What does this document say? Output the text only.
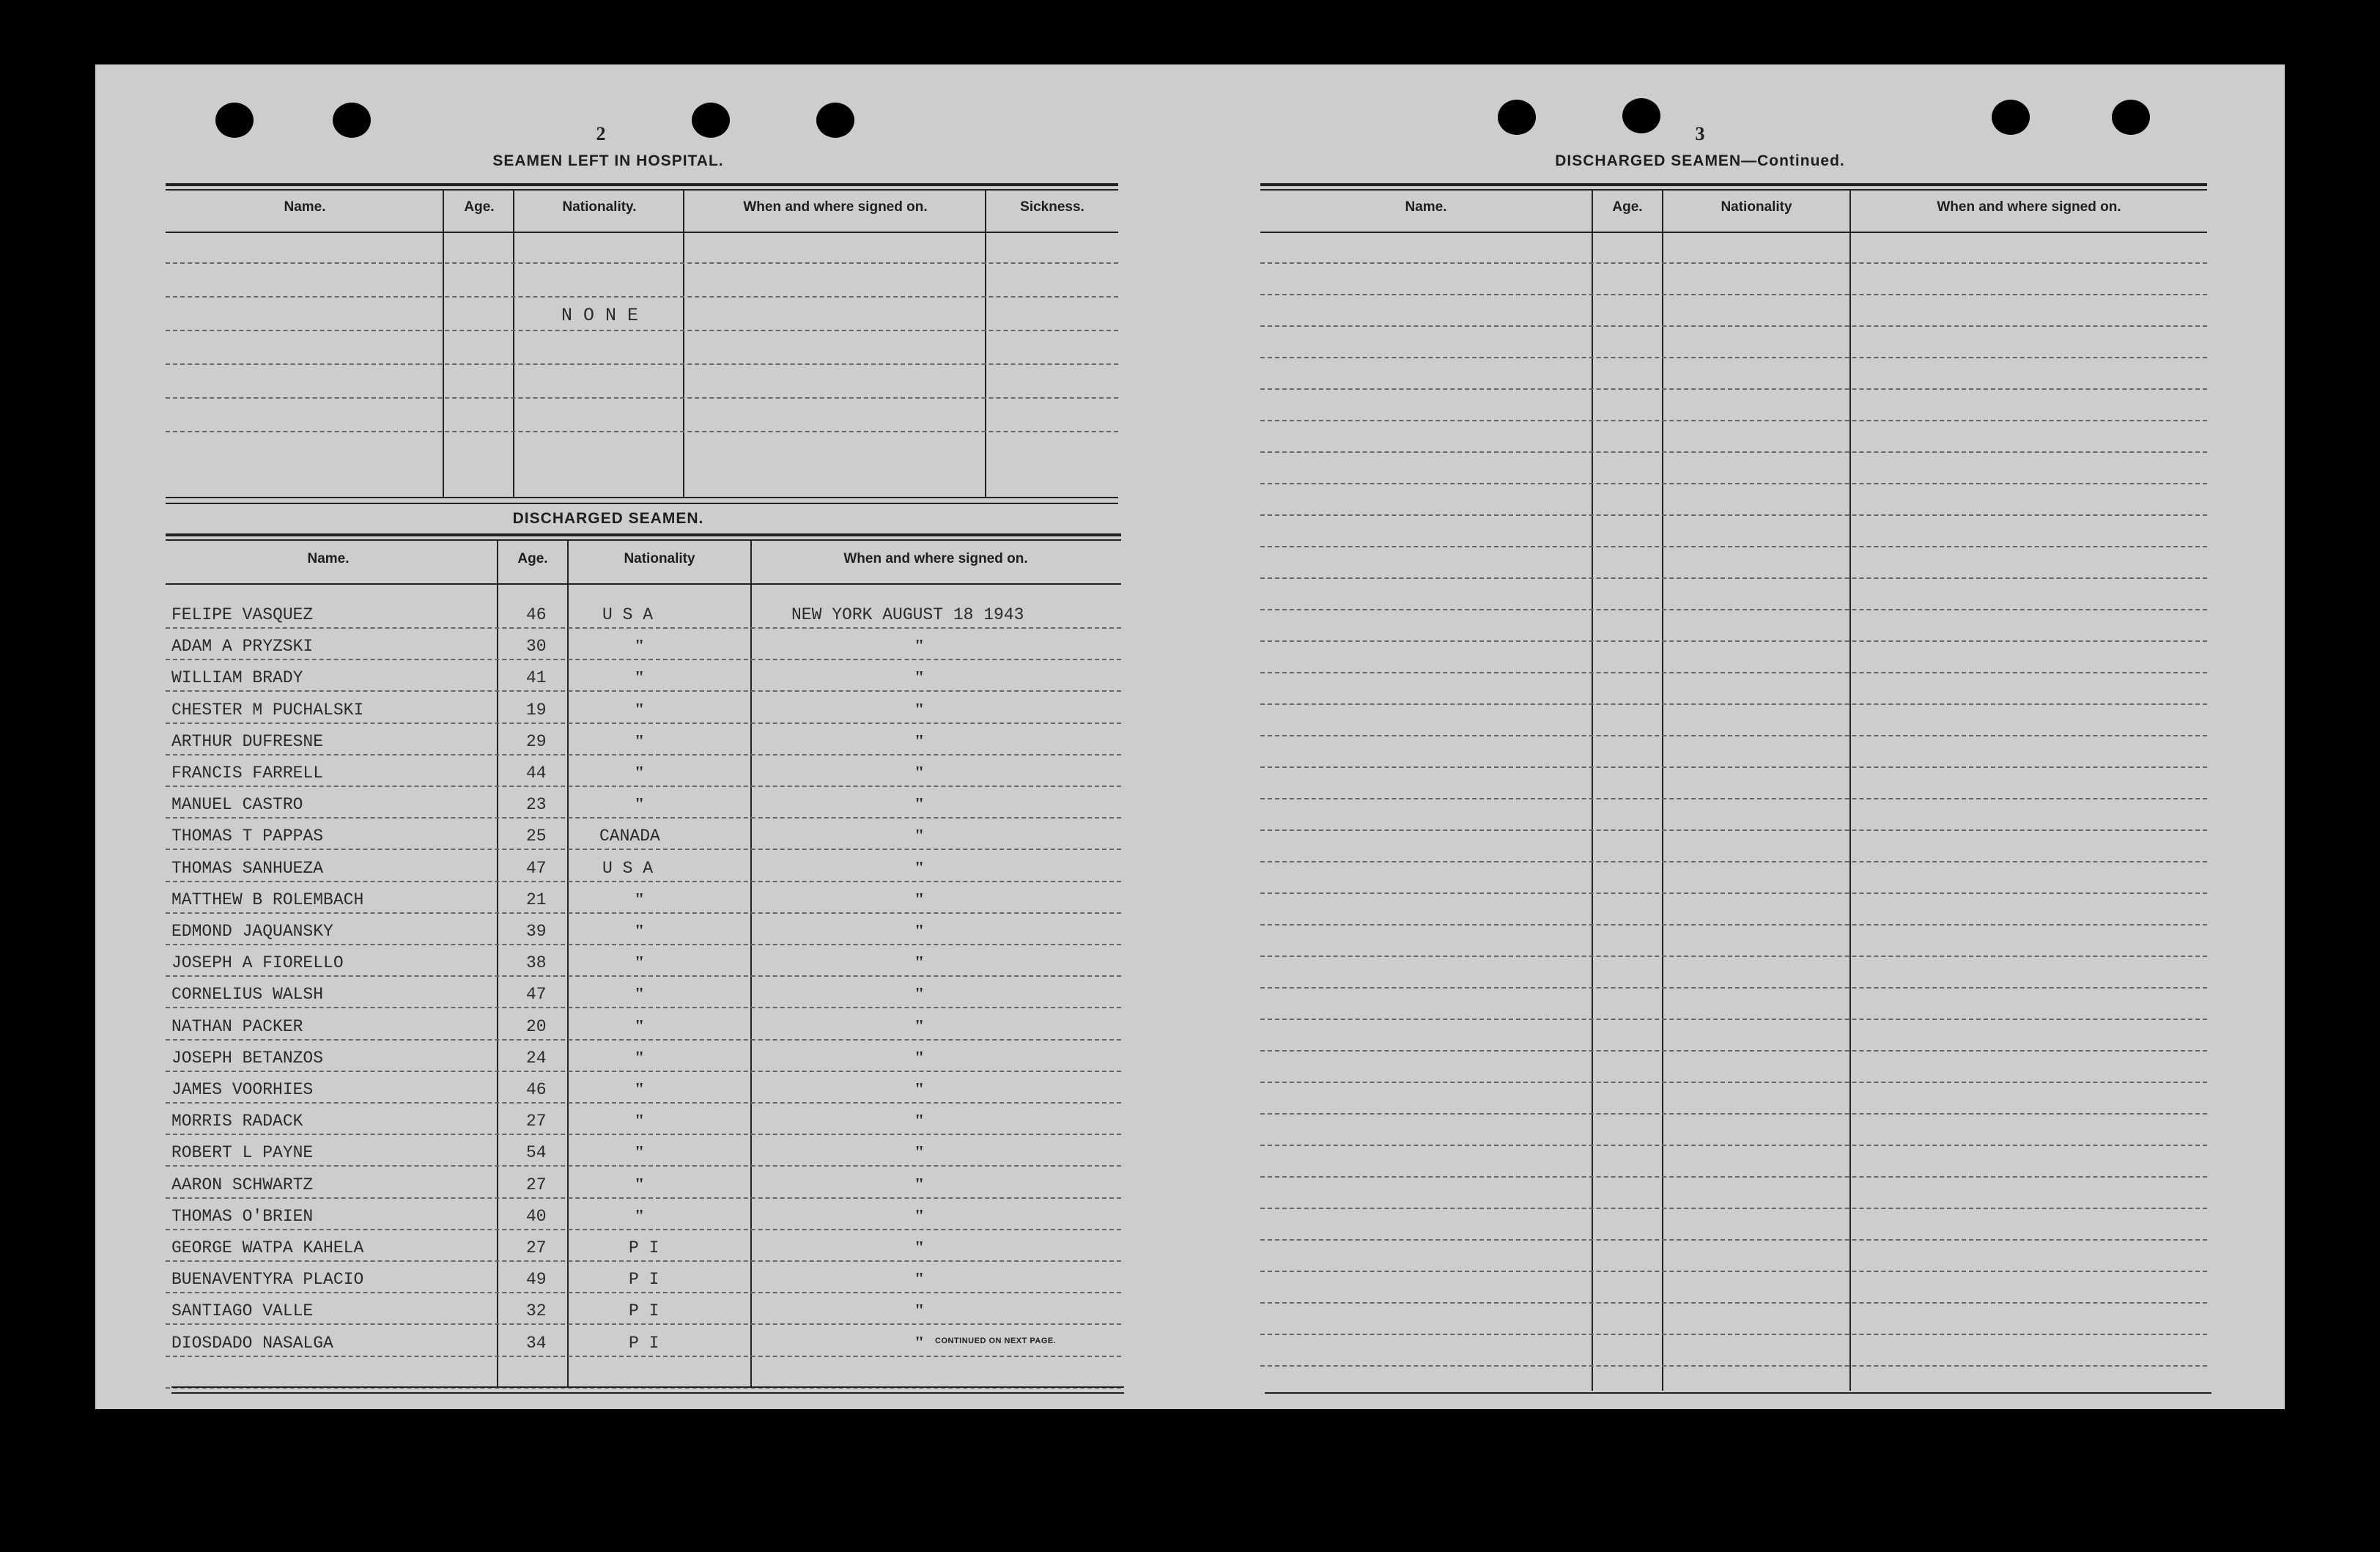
2
SEAMEN LEFT IN HOSPITAL.
Name.	Age.	Nationality.	When and where signed on.	Sickness.
N O N E
DISCHARGED SEAMEN.
Name.	Age.	Nationality	When and where signed on.
FELIPE VASQUEZ	46	U S A	NEW YORK AUGUST 18 1943
ADAM A PRYZSKI	30	"	"
WILLIAM BRADY	41	"	"
CHESTER M PUCHALSKI	19	"	"
ARTHUR DUFRESNE	29	"	"
FRANCIS FARRELL	44	"	"
MANUEL CASTRO	23	"	"
THOMAS T PAPPAS	25	CANADA	"
THOMAS SANHUEZA	47	U S A	"
MATTHEW B ROLEMBACH	21	"	"
EDMOND JAQUANSKY	39	"	"
JOSEPH A FIORELLO	38	"	"
CORNELIUS WALSH	47	"	"
NATHAN PACKER	20	"	"
JOSEPH BETANZOS	24	"	"
JAMES VOORHIES	46	"	"
MORRIS RADACK	27	"	"
ROBERT L PAYNE	54	"	"
AARON SCHWARTZ	27	"	"
THOMAS O'BRIEN	40	"	"
GEORGE WATPA KAHELA	27	P I	"
BUENAVENTYRA PLACIO	49	P I	"
SANTIAGO VALLE	32	P I	"
DIOSDADO NASALGA	34	P I	" CONTINUED ON NEXT PAGE.
3
DISCHARGED SEAMEN—Continued.
Name.	Age.	Nationality	When and where signed on.
